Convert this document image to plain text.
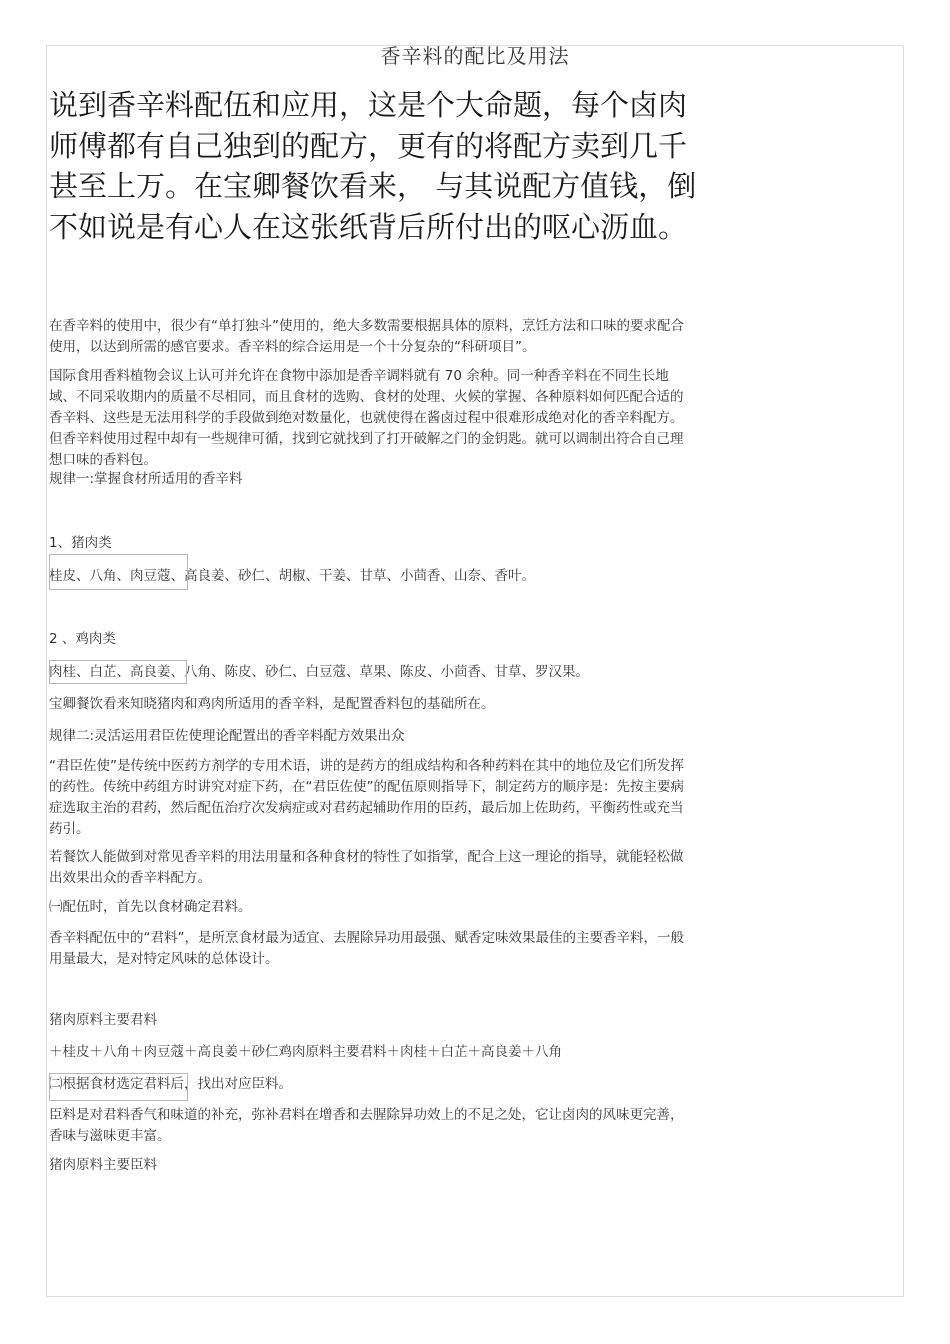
香辛料的配比及用法

说到香辛料配伍和应用，这是个大命题，每个卤肉师傅都有自己独到的配方，更有的将配方卖到几千甚至上万。在宝卿餐饮看来， 与其说配方值钱，倒不如说是有心人在这张纸背后所付出的呕心沥血。

在香辛料的使用中，很少有“单打独斗”使用的，绝大多数需要根据具体的原料，烹饪方法和口味的要求配合使用，以达到所需的感官要求。香辛料的综合运用是一个十分复杂的“科研项目”。

国际食用香料植物会议上认可并允许在食物中添加是香辛调料就有 70 余种。同一种香辛料在不同生长地域、不同采收期内的质量不尽相同，而且食材的选购、食材的处理、火候的掌握、各种原料如何匹配合适的香辛料、这些是无法用科学的手段做到绝对数量化，也就使得在酱卤过程中很难形成绝对化的香辛料配方。但香辛料使用过程中却有一些规律可循，找到它就找到了打开破解之门的金钥匙。就可以调制出符合自己理想口味的香料包。

规律一:掌握食材所适用的香辛料

1、猪肉类

桂皮、八角、肉豆蔻、高良姜、砂仁、胡椒、干姜、甘草、小茴香、山奈、香叶。

2 、鸡肉类

肉桂、白芷、高良姜、八角、陈皮、砂仁、白豆蔻、草果、陈皮、小茴香、甘草、罗汉果。

宝卿餐饮看来知晓猪肉和鸡肉所适用的香辛料，是配置香料包的基础所在。

规律二:灵活运用君臣佐使理论配置出的香辛料配方效果出众

“君臣佐使”是传统中医药方剂学的专用术语，讲的是药方的组成结构和各种药料在其中的地位及它们所发挥的药性。传统中药组方时讲究对症下药，在“君臣佐使”的配伍原则指导下，制定药方的顺序是：先按主要病症选取主治的君药，然后配伍治疗次发病症或对君药起辅助作用的臣药，最后加上佐助药，平衡药性或充当药引。

若餐饮人能做到对常见香辛料的用法用量和各种食材的特性了如指掌，配合上这一理论的指导，就能轻松做出效果出众的香辛料配方。

㈠配伍时，首先以食材确定君料。

香辛料配伍中的“君料”，是所烹食材最为适宜、去腥除异功用最强、赋香定味效果最佳的主要香辛料，一般用量最大，是对特定风味的总体设计。

猪肉原料主要君料

＋桂皮＋八角＋肉豆蔻＋高良姜＋砂仁鸡肉原料主要君料＋肉桂＋白芷＋高良姜＋八角

㈡根据食材选定君料后，找出对应臣料。

臣料是对君料香气和味道的补充，弥补君料在增香和去腥除异功效上的不足之处，它让卤肉的风味更完善，香味与滋味更丰富。

猪肉原料主要臣料
